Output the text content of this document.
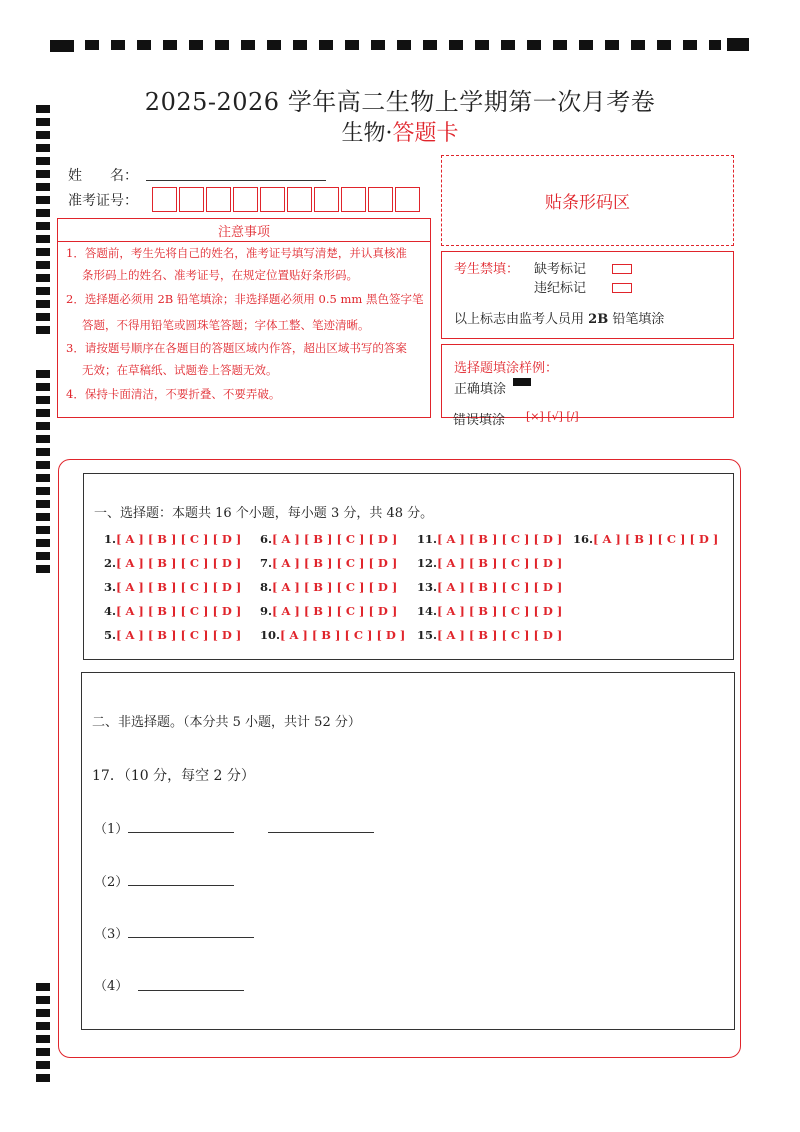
2025-2026 学年高二生物上学期第一次月考卷
生物·答题卡
姓　　名：
准考证号：	贴条形码区
注意事项

1．答题前，考生先将自己的姓名，准考证号填写清楚，并认真核准

条形码上的姓名、准考证号，在规定位置贴好条形码。

2．选择题必须用 2B 铅笔填涂；非选择题必须用 0.5 mm 黑色签字笔

答题，不得用铅笔或圆珠笔答题；字体工整、笔迹清晰。

3．请按题号顺序在各题目的答题区域内作答，超出区域书写的答案

无效；在草稿纸、试题卷上答题无效。

4．保持卡面清洁，不要折叠、不要弄破。

考生禁填： 缺考标记
违纪标记
以上标志由监考人员用 2B 铅笔填涂
选择题填涂样例：
正确填涂
错误填涂 [×] [√] [/]
一、选择题：本题共 16 个小题，每小题 3 分，共 48 分。
1.[ A ] [ B ] [ C ] [ D ]
2.[ A ] [ B ] [ C ] [ D ]
3.[ A ] [ B ] [ C ] [ D ]
4.[ A ] [ B ] [ C ] [ D ]
5.[ A ] [ B ] [ C ] [ D ]
6.[ A ] [ B ] [ C ] [ D ]
7.[ A ] [ B ] [ C ] [ D ]
8.[ A ] [ B ] [ C ] [ D ]
9.[ A ] [ B ] [ C ] [ D ]
10.[ A ] [ B ] [ C ] [ D ]
11.[ A ] [ B ] [ C ] [ D ]
12.[ A ] [ B ] [ C ] [ D ]
13.[ A ] [ B ] [ C ] [ D ]
14.[ A ] [ B ] [ C ] [ D ]
15.[ A ] [ B ] [ C ] [ D ]
16.[ A ] [ B ] [ C ] [ D ]
二、非选择题。（本分共 5 小题，共计 52 分）
17．（10 分，每空 2 分）
（1）
（2）
（3）
（4）
